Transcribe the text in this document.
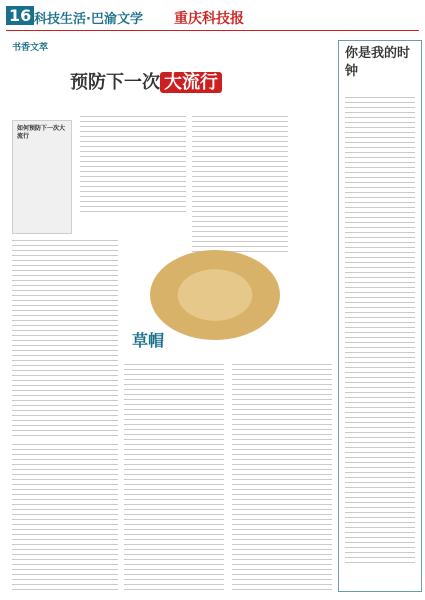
16 科技生活·巴渝文学 重庆科技报
书香文萃
预防下一次 大流行
如何预防下一次大流行
草帽
你是我的时钟
